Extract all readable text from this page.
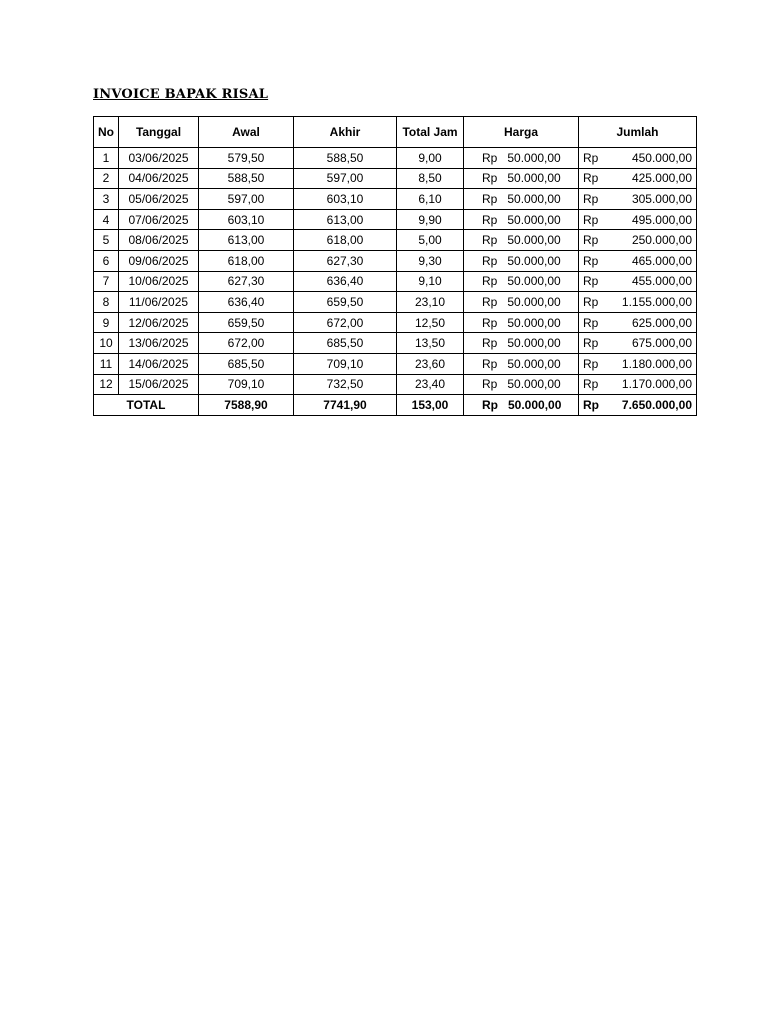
INVOICE BAPAK RISAL
No	Tanggal	Awal	Akhir	Total Jam	Harga	Jumlah
1	03/06/2025	579,50	588,50	9,00	Rp 50.000,00	Rp 450.000,00

2	04/06/2025	588,50	597,00	8,50	Rp 50.000,00	Rp 425.000,00

3	05/06/2025	597,00	603,10	6,10	Rp 50.000,00	Rp 305.000,00

4	07/06/2025	603,10	613,00	9,90	Rp 50.000,00	Rp 495.000,00

5	08/06/2025	613,00	618,00	5,00	Rp 50.000,00	Rp 250.000,00

6	09/06/2025	618,00	627,30	9,30	Rp 50.000,00	Rp 465.000,00

7	10/06/2025	627,30	636,40	9,10	Rp 50.000,00	Rp 455.000,00

8	11/06/2025	636,40	659,50	23,10	Rp 50.000,00	Rp 1.155.000,00

9	12/06/2025	659,50	672,00	12,50	Rp 50.000,00	Rp 625.000,00

10	13/06/2025	672,00	685,50	13,50	Rp 50.000,00	Rp 675.000,00

11	14/06/2025	685,50	709,10	23,60	Rp 50.000,00	Rp 1.180.000,00

12	15/06/2025	709,10	732,50	23,40	Rp 50.000,00	Rp 1.170.000,00

TOTAL		7588,90	7741,90	153,00	Rp 50.000,00	Rp 7.650.000,00
